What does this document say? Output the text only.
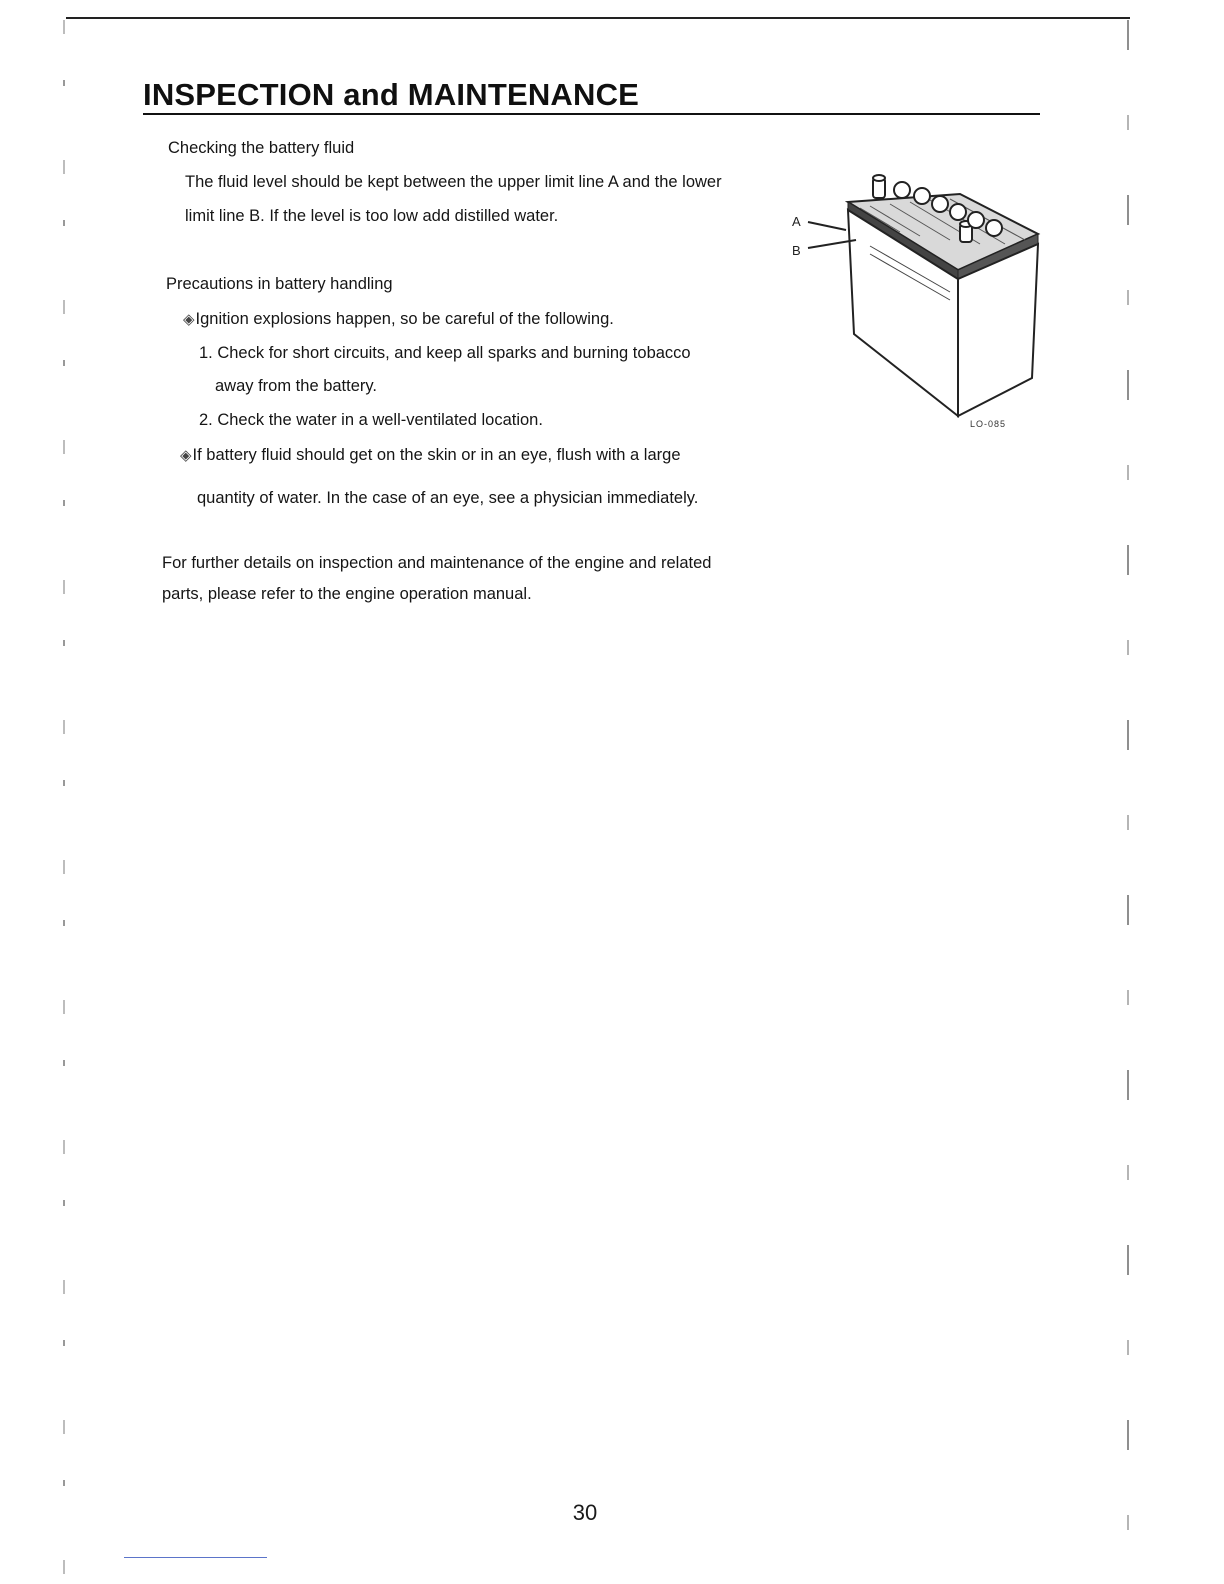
INSPECTION and MAINTENANCE
Checking the battery fluid
The fluid level should be kept between the upper limit line A and the lower
limit line B. If the level is too low add distilled water.
Precautions in battery handling
◈Ignition explosions happen, so be careful of the following.
1. Check for short circuits, and keep all sparks and burning tobacco
away from the battery.
2. Check the water in a well-ventilated location.
◈If battery fluid should get on the skin or in an eye, flush with a large
quantity of water. In the case of an eye, see a physician immediately.
For further details on inspection and maintenance of the engine and related
parts, please refer to the engine operation manual.
A
B
LO-085
30
